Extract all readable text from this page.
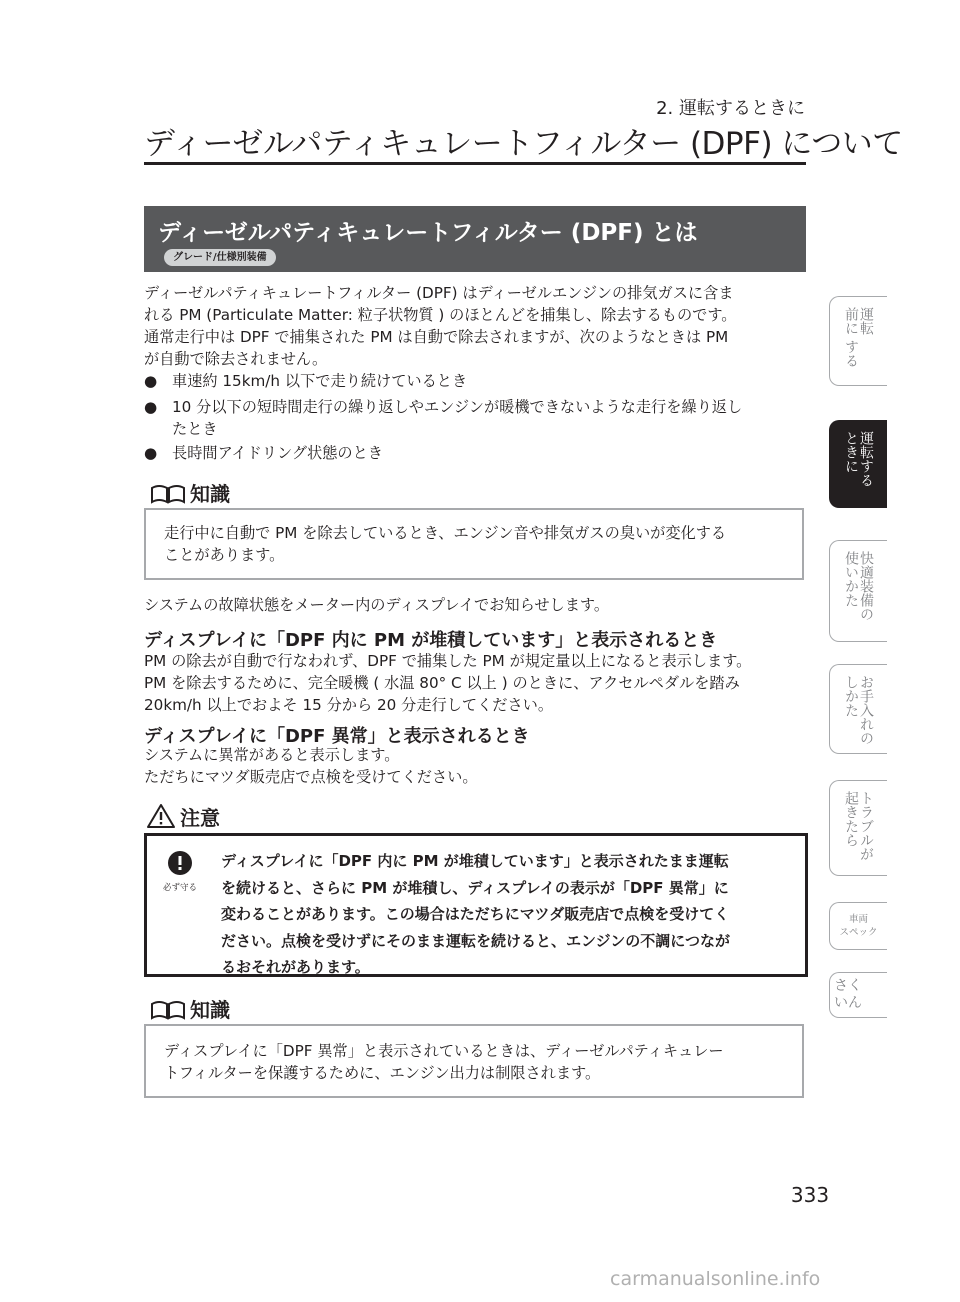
2. 運転するときに
ディーゼルパティキュレートフィルター (DPF) について
ディーゼルパティキュレートフィルター (DPF) とは
グレード/仕様別装備
ディーゼルパティキュレートフィルター (DPF) はディーゼルエンジンの排気ガスに含ま
れる PM (Particulate Matter: 粒子状物質 ) のほとんどを捕集し、除去するものです。
通常走行中は DPF で捕集された PM は自動で除去されますが、次のようなときは PM
が自動で除去されません。
● 車速約 15km/h 以下で走り続けているとき
● 10 分以下の短時間走行の繰り返しやエンジンが暖機できないような走行を繰り返し
たとき
● 長時間アイドリング状態のとき
知識
走行中に自動で PM を除去しているとき、エンジン音や排気ガスの臭いが変化する
ことがあります。
システムの故障状態をメーター内のディスプレイでお知らせします。
ディスプレイに「DPF 内に PM が堆積しています」と表示されるとき
PM の除去が自動で行なわれず、DPF で捕集した PM が規定量以上になると表示します。
PM を除去するために、完全暖機 ( 水温 80° C 以上 ) のときに、アクセルペダルを踏み
20km/h 以上でおよそ 15 分から 20 分走行してください。
ディスプレイに「DPF 異常」と表示されるとき
システムに異常があると表示します。
ただちにマツダ販売店で点検を受けてください。
注意
必ず守る
ディスプレイに「DPF 内に PM が堆積しています」と表示されたまま運転
を続けると、さらに PM が堆積し、ディスプレイの表示が「DPF 異常」に
変わることがあります。この場合はただちにマツダ販売店で点検を受けてく
ださい。点検を受けずにそのまま運転を続けると、エンジンの不調につなが
るおそれがあります。
知識
ディスプレイに「DPF 異常」と表示されているときは、ディーゼルパティキュレー
トフィルターを保護するために、エンジン出力は制限されます。
運転
前に する
運転する
ときに
快適装備の
使いかた
お手入れの
しかた
トラブルが
起きたら
車両
スペック
さく
いん
333
carmanualsonline.info
